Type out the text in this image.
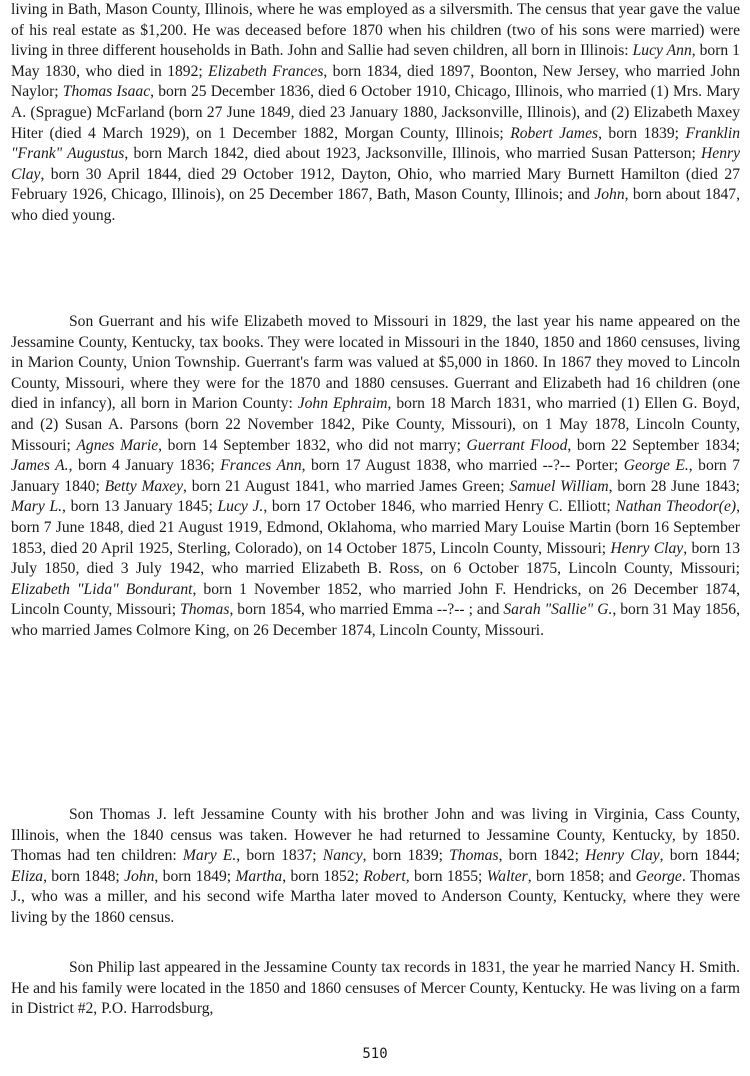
living in Bath, Mason County, Illinois, where he was employed as a silversmith. The census that year gave the value of his real estate as $1,200. He was deceased before 1870 when his children (two of his sons were married) were living in three different households in Bath. John and Sallie had seven children, all born in Illinois: Lucy Ann, born 1 May 1830, who died in 1892; Elizabeth Frances, born 1834, died 1897, Boonton, New Jersey, who married John Naylor; Thomas Isaac, born 25 December 1836, died 6 October 1910, Chicago, Illinois, who married (1) Mrs. Mary A. (Sprague) McFarland (born 27 June 1849, died 23 January 1880, Jacksonville, Illinois), and (2) Elizabeth Maxey Hiter (died 4 March 1929), on 1 December 1882, Morgan County, Illinois; Robert James, born 1839; Franklin "Frank" Augustus, born March 1842, died about 1923, Jacksonville, Illinois, who married Susan Patterson; Henry Clay, born 30 April 1844, died 29 October 1912, Dayton, Ohio, who married Mary Burnett Hamilton (died 27 February 1926, Chicago, Illinois), on 25 December 1867, Bath, Mason County, Illinois; and John, born about 1847, who died young.

Son Guerrant and his wife Elizabeth moved to Missouri in 1829, the last year his name appeared on the Jessamine County, Kentucky, tax books. They were located in Missouri in the 1840, 1850 and 1860 censuses, living in Marion County, Union Township. Guerrant's farm was valued at $5,000 in 1860. In 1867 they moved to Lincoln County, Missouri, where they were for the 1870 and 1880 censuses. Guerrant and Elizabeth had 16 children (one died in infancy), all born in Marion County: John Ephraim, born 18 March 1831, who married (1) Ellen G. Boyd, and (2) Susan A. Parsons (born 22 November 1842, Pike County, Missouri), on 1 May 1878, Lincoln County, Missouri; Agnes Marie, born 14 September 1832, who did not marry; Guerrant Flood, born 22 September 1834; James A., born 4 January 1836; Frances Ann, born 17 August 1838, who married --?-- Porter; George E., born 7 January 1840; Betty Maxey, born 21 August 1841, who married James Green; Samuel William, born 28 June 1843; Mary L., born 13 January 1845; Lucy J., born 17 October 1846, who married Henry C. Elliott; Nathan Theodor(e), born 7 June 1848, died 21 August 1919, Edmond, Oklahoma, who married Mary Louise Martin (born 16 September 1853, died 20 April 1925, Sterling, Colorado), on 14 October 1875, Lincoln County, Missouri; Henry Clay, born 13 July 1850, died 3 July 1942, who married Elizabeth B. Ross, on 6 October 1875, Lincoln County, Missouri; Elizabeth "Lida" Bondurant, born 1 November 1852, who married John F. Hendricks, on 26 December 1874, Lincoln County, Missouri; Thomas, born 1854, who married Emma --?-- ; and Sarah "Sallie" G., born 31 May 1856, who married James Colmore King, on 26 December 1874, Lincoln County, Missouri.

Son Thomas J. left Jessamine County with his brother John and was living in Virginia, Cass County, Illinois, when the 1840 census was taken. However he had returned to Jessamine County, Kentucky, by 1850. Thomas had ten children: Mary E., born 1837; Nancy, born 1839; Thomas, born 1842; Henry Clay, born 1844; Eliza, born 1848; John, born 1849; Martha, born 1852; Robert, born 1855; Walter, born 1858; and George. Thomas J., who was a miller, and his second wife Martha later moved to Anderson County, Kentucky, where they were living by the 1860 census.

Son Philip last appeared in the Jessamine County tax records in 1831, the year he married Nancy H. Smith. He and his family were located in the 1850 and 1860 censuses of Mercer County, Kentucky. He was living on a farm in District #2, P.O. Harrodsburg,

510
